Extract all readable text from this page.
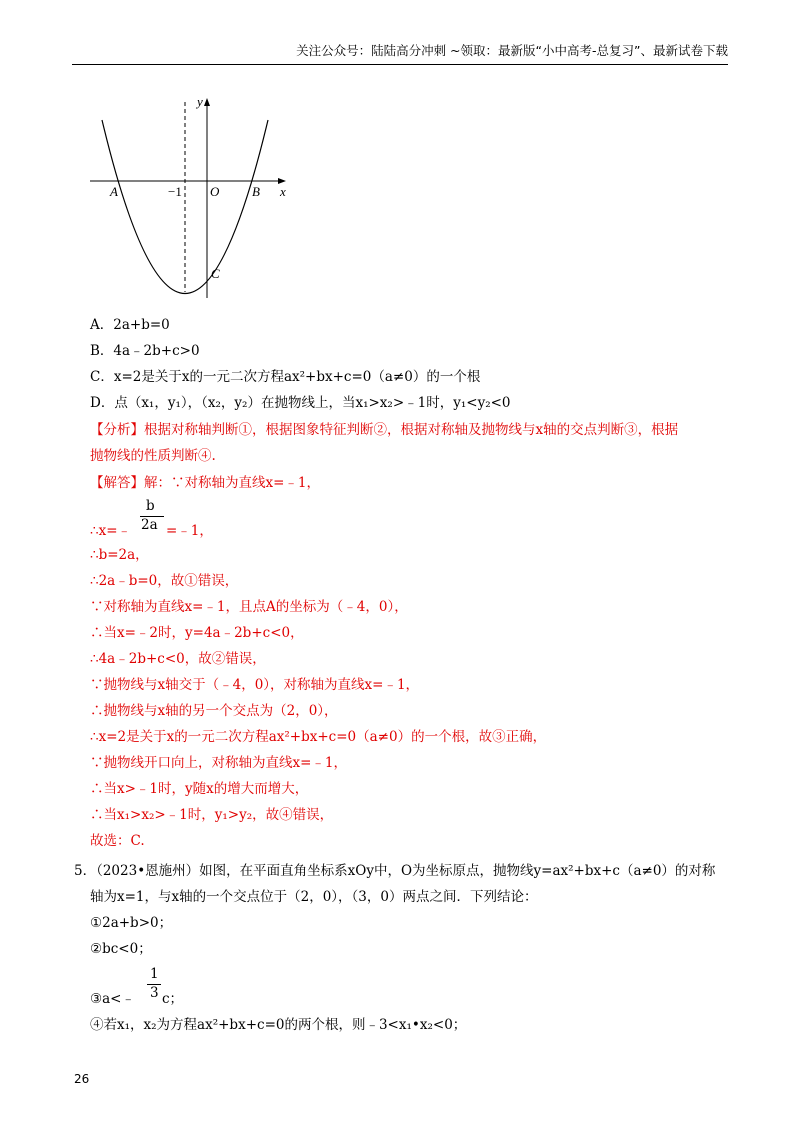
关注公众号：陆陆高分冲刺 ~领取：最新版“小中高考-总复习”、最新试卷下载
y
x
A	−1 O	B
C
A．2a+b=0
B．4a﹣2b+c>0
C．x=2是关于x的一元二次方程ax²+bx+c=0（a≠0）的一个根
D．点（x₁，y₁），（x₂，y₂）在抛物线上，当x₁>x₂>﹣1时，y₁<y₂<0
【分析】根据对称轴判断①，根据图象特征判断②，根据对称轴及抛物线与x轴的交点判断③，根据
抛物线的性质判断④.
【解答】解：∵对称轴为直线x=﹣1，
∴x=﹣
b
2a =﹣1，
∴b=2a，
∴2a﹣b=0，故①错误，
∵对称轴为直线x=﹣1，且点A的坐标为（﹣4，0），
∴当x=﹣2时，y=4a﹣2b+c<0，
∴4a﹣2b+c<0，故②错误，
∵抛物线与x轴交于（﹣4，0），对称轴为直线x=﹣1，
∴抛物线与x轴的另一个交点为（2，0），
∴x=2是关于x的一元二次方程ax²+bx+c=0（a≠0）的一个根，故③正确，
∵抛物线开口向上，对称轴为直线x=﹣1，
∴当x>﹣1时，y随x的增大而增大，
∴当x₁>x₂>﹣1时，y₁>y₂，故④错误，
故选：C.
5．（2023•恩施州）如图，在平面直角坐标系xOy中，O为坐标原点，抛物线y=ax²+bx+c（a≠0）的对称
轴为x=1，与x轴的一个交点位于（2，0），（3，0）两点之间．下列结论：
①2a+b>0；
②bc<0；
③a<﹣
1
3 c；
④若x₁，x₂为方程ax²+bx+c=0的两个根，则﹣3<x₁•x₂<0；
26
